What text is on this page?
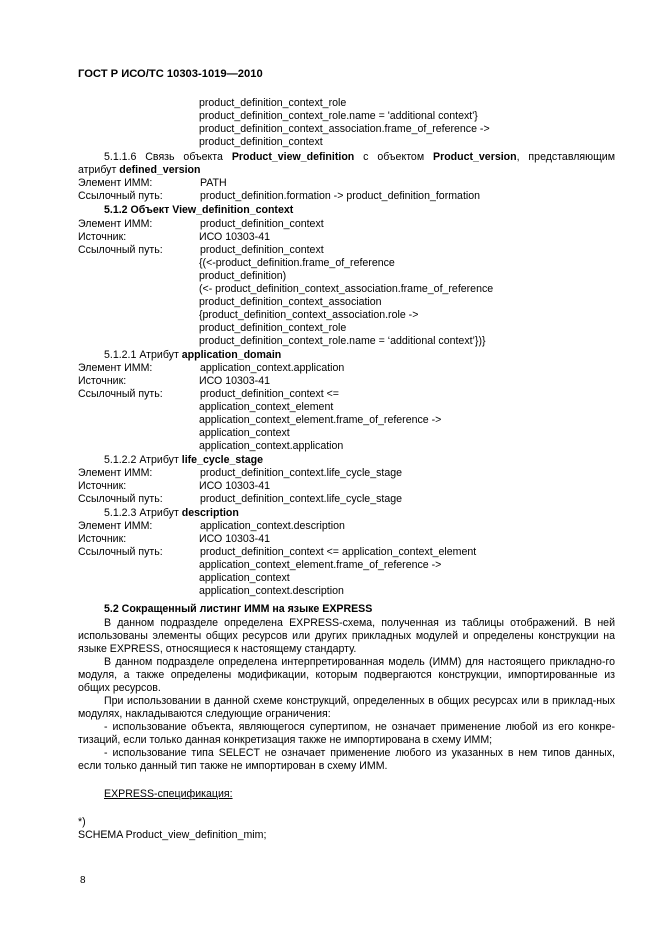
ГОСТ Р ИСО/ТС 10303-1019—2010
product_definition_context_role
product_definition_context_role.name = 'additional context'}
product_definition_context_association.frame_of_reference ->
product_definition_context
5.1.1.6 Связь объекта Product_view_definition с объектом Product_version, представляющим
атрибут defined_version
Элемент ИММ:	PATH
Ссылочный путь:	product_definition.formation -> product_definition_formation
5.1.2 Объект View_definition_context
Элемент ИММ:	product_definition_context
Источник:	ИСО 10303-41
Ссылочный путь:	product_definition_context
{(<-product_definition.frame_of_reference
product_definition)
(<- product_definition_context_association.frame_of_reference
product_definition_context_association
{product_definition_context_association.role ->
product_definition_context_role
product_definition_context_role.name = ‘additional context’})}
5.1.2.1 Атрибут application_domain
Элемент ИММ:	application_context.application
Источник:	ИСО 10303-41
Ссылочный путь:	product_definition_context <=
application_context_element
application_context_element.frame_of_reference ->
application_context
application_context.application
5.1.2.2 Атрибут life_cycle_stage
Элемент ИММ:	product_definition_context.life_cycle_stage
Источник:	ИСО 10303-41
Ссылочный путь:	product_definition_context.life_cycle_stage
5.1.2.3 Атрибут description
Элемент ИММ:	application_context.description
Источник:	ИСО 10303-41
Ссылочный путь:	product_definition_context <= application_context_element
application_context_element.frame_of_reference ->
application_context
application_context.description
5.2 Сокращенный листинг ИММ на языке EXPRESS
В данном подразделе определена EXPRESS-схема, полученная из таблицы отображений. В ней использованы элементы общих ресурсов или других прикладных модулей и определены конструкции на языке EXPRESS, относящиеся к настоящему стандарту.
В данном подразделе определена интерпретированная модель (ИММ) для настоящего прикладно-го модуля, а также определены модификации, которым подвергаются конструкции, импортированные из общих ресурсов.
При использовании в данной схеме конструкций, определенных в общих ресурсах или в приклад-ных модулях, накладываются следующие ограничения:
- использование объекта, являющегося супертипом, не означает применение любой из его конкре-тизаций, если только данная конкретизация также не импортирована в схему ИММ;
- использование типа SELECT не означает применение любого из указанных в нем типов данных, если только данный тип также не импортирован в схему ИММ.
EXPRESS-спецификация:
*)
SCHEMA Product_view_definition_mim;
8
